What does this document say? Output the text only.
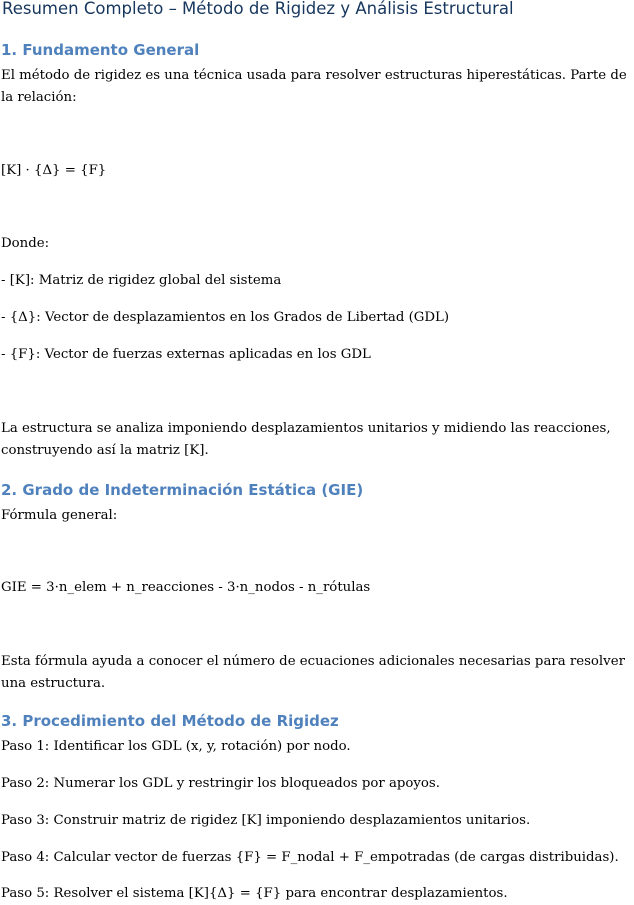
Resumen Completo – Método de Rigidez y Análisis Estructural
1. Fundamento General

El método de rigidez es una técnica usada para resolver estructuras hiperestáticas. Parte de la relación:

[K] · {Δ} = {F}

Donde:

- [K]: Matriz de rigidez global del sistema

- {Δ}: Vector de desplazamientos en los Grados de Libertad (GDL)

- {F}: Vector de fuerzas externas aplicadas en los GDL

La estructura se analiza imponiendo desplazamientos unitarios y midiendo las reacciones, construyendo así la matriz [K].

2. Grado de Indeterminación Estática (GIE)

Fórmula general:

GIE = 3·n_elem + n_reacciones - 3·n_nodos - n_rótulas

Esta fórmula ayuda a conocer el número de ecuaciones adicionales necesarias para resolver una estructura.

3. Procedimiento del Método de Rigidez

Paso 1: Identificar los GDL (x, y, rotación) por nodo.

Paso 2: Numerar los GDL y restringir los bloqueados por apoyos.

Paso 3: Construir matriz de rigidez [K] imponiendo desplazamientos unitarios.

Paso 4: Calcular vector de fuerzas {F} = F_nodal + F_empotradas (de cargas distribuidas).

Paso 5: Resolver el sistema [K]{Δ} = {F} para encontrar desplazamientos.
